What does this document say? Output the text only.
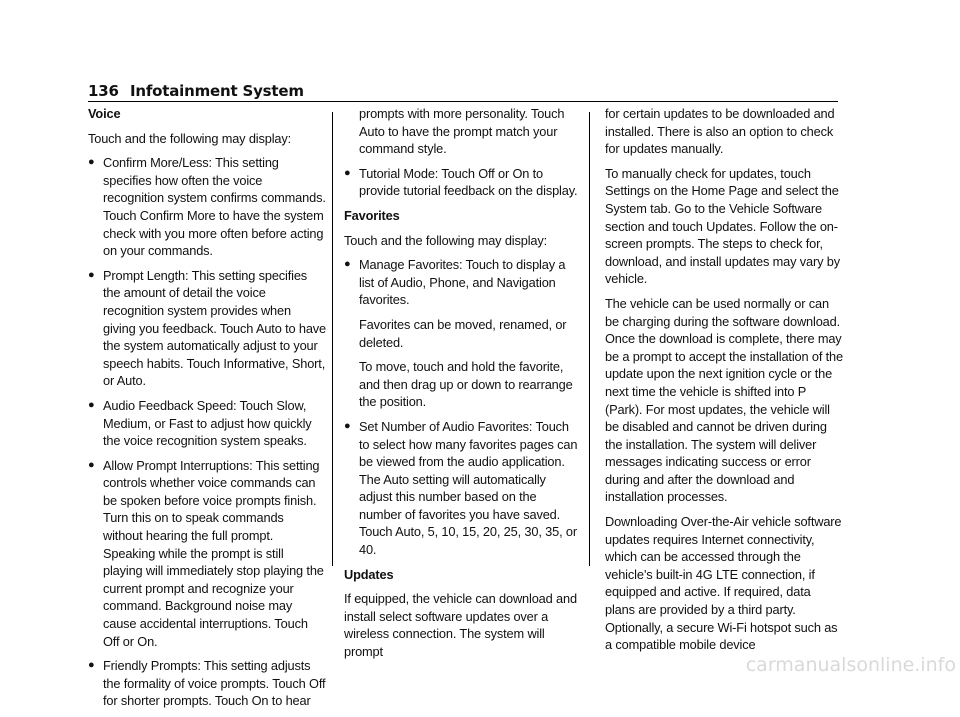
136 Infotainment System

Voice

Touch and the following may display:

● Confirm More/Less: This setting specifies how often the voice recognition system confirms commands. Touch Confirm More to have the system check with you more often before acting on your commands.
● Prompt Length: This setting specifies the amount of detail the voice recognition system provides when giving you feedback. Touch Auto to have the system automatically adjust to your speech habits. Touch Informative, Short, or Auto.
● Audio Feedback Speed: Touch Slow, Medium, or Fast to adjust how quickly the voice recognition system speaks.
● Allow Prompt Interruptions: This setting controls whether voice commands can be spoken before voice prompts finish. Turn this on to speak commands without hearing the full prompt. Speaking while the prompt is still playing will immediately stop playing the current prompt and recognize your command. Background noise may cause accidental interruptions. Touch Off or On.
● Friendly Prompts: This setting adjusts the formality of voice prompts. Touch Off for shorter prompts. Touch On to hear

prompts with more personality. Touch Auto to have the prompt match your command style.

● Tutorial Mode: Touch Off or On to provide tutorial feedback on the display.

Favorites

Touch and the following may display:

● Manage Favorites: Touch to display a list of Audio, Phone, and Navigation favorites.

Favorites can be moved, renamed, or deleted.

To move, touch and hold the favorite, and then drag up or down to rearrange the position.

● Set Number of Audio Favorites: Touch to select how many favorites pages can be viewed from the audio application. The Auto setting will automatically adjust this number based on the number of favorites you have saved. Touch Auto, 5, 10, 15, 20, 25, 30, 35, or 40.

Updates

If equipped, the vehicle can download and install select software updates over a wireless connection. The system will prompt

for certain updates to be downloaded and installed. There is also an option to check for updates manually.

To manually check for updates, touch Settings on the Home Page and select the System tab. Go to the Vehicle Software section and touch Updates. Follow the on-screen prompts. The steps to check for, download, and install updates may vary by vehicle.

The vehicle can be used normally or can be charging during the software download. Once the download is complete, there may be a prompt to accept the installation of the update upon the next ignition cycle or the next time the vehicle is shifted into P (Park). For most updates, the vehicle will be disabled and cannot be driven during the installation. The system will deliver messages indicating success or error during and after the download and installation processes.

Downloading Over-the-Air vehicle software updates requires Internet connectivity, which can be accessed through the vehicle’s built-in 4G LTE connection, if equipped and active. If required, data plans are provided by a third party. Optionally, a secure Wi-Fi hotspot such as a compatible mobile device

carmanualsonline.info
